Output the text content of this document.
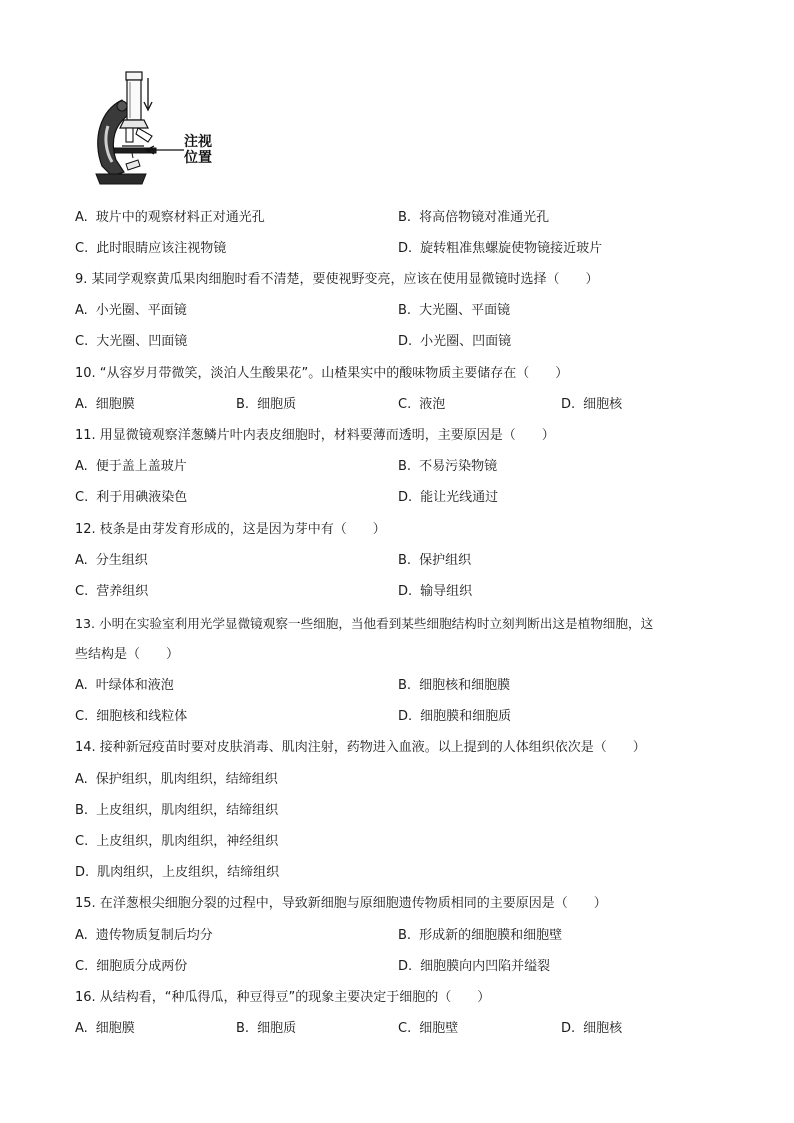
注视
位置
A. 玻片中的观察材料正对通光孔	B. 将高倍物镜对准通光孔
C. 此时眼睛应该注视物镜	D. 旋转粗准焦螺旋使物镜接近玻片
9. 某同学观察黄瓜果肉细胞时看不清楚，要使视野变亮，应该在使用显微镜时选择（　　）
A. 小光圈、平面镜	B. 大光圈、平面镜
C. 大光圈、凹面镜	D. 小光圈、凹面镜
10. “从容岁月带微笑，淡泊人生酸果花”。山楂果实中的酸味物质主要储存在（　　）
A. 细胞膜	B. 细胞质	C. 液泡	D. 细胞核
11. 用显微镜观察洋葱鳞片叶内表皮细胞时，材料要薄而透明，主要原因是（　　）
A. 便于盖上盖玻片	B. 不易污染物镜
C. 利于用碘液染色	D. 能让光线通过
12. 枝条是由芽发育形成的，这是因为芽中有（　　）
A. 分生组织	B. 保护组织
C. 营养组织	D. 输导组织
13. 小明在实验室利用光学显微镜观察一些细胞，当他看到某些细胞结构时立刻判断出这是植物细胞，这
些结构是（　　）
A. 叶绿体和液泡	B. 细胞核和细胞膜
C. 细胞核和线粒体	D. 细胞膜和细胞质
14. 接种新冠疫苗时要对皮肤消毒、肌肉注射，药物进入血液。以上提到的人体组织依次是（　　）
A. 保护组织，肌肉组织，结缔组织
B. 上皮组织，肌肉组织，结缔组织
C. 上皮组织，肌肉组织，神经组织
D. 肌肉组织，上皮组织，结缔组织
15. 在洋葱根尖细胞分裂的过程中，导致新细胞与原细胞遗传物质相同的主要原因是（　　）
A. 遗传物质复制后均分	B. 形成新的细胞膜和细胞壁
C. 细胞质分成两份	D. 细胞膜向内凹陷并缢裂
16. 从结构看，“种瓜得瓜，种豆得豆”的现象主要决定于细胞的（　　）
A. 细胞膜	B. 细胞质	C. 细胞壁	D. 细胞核
